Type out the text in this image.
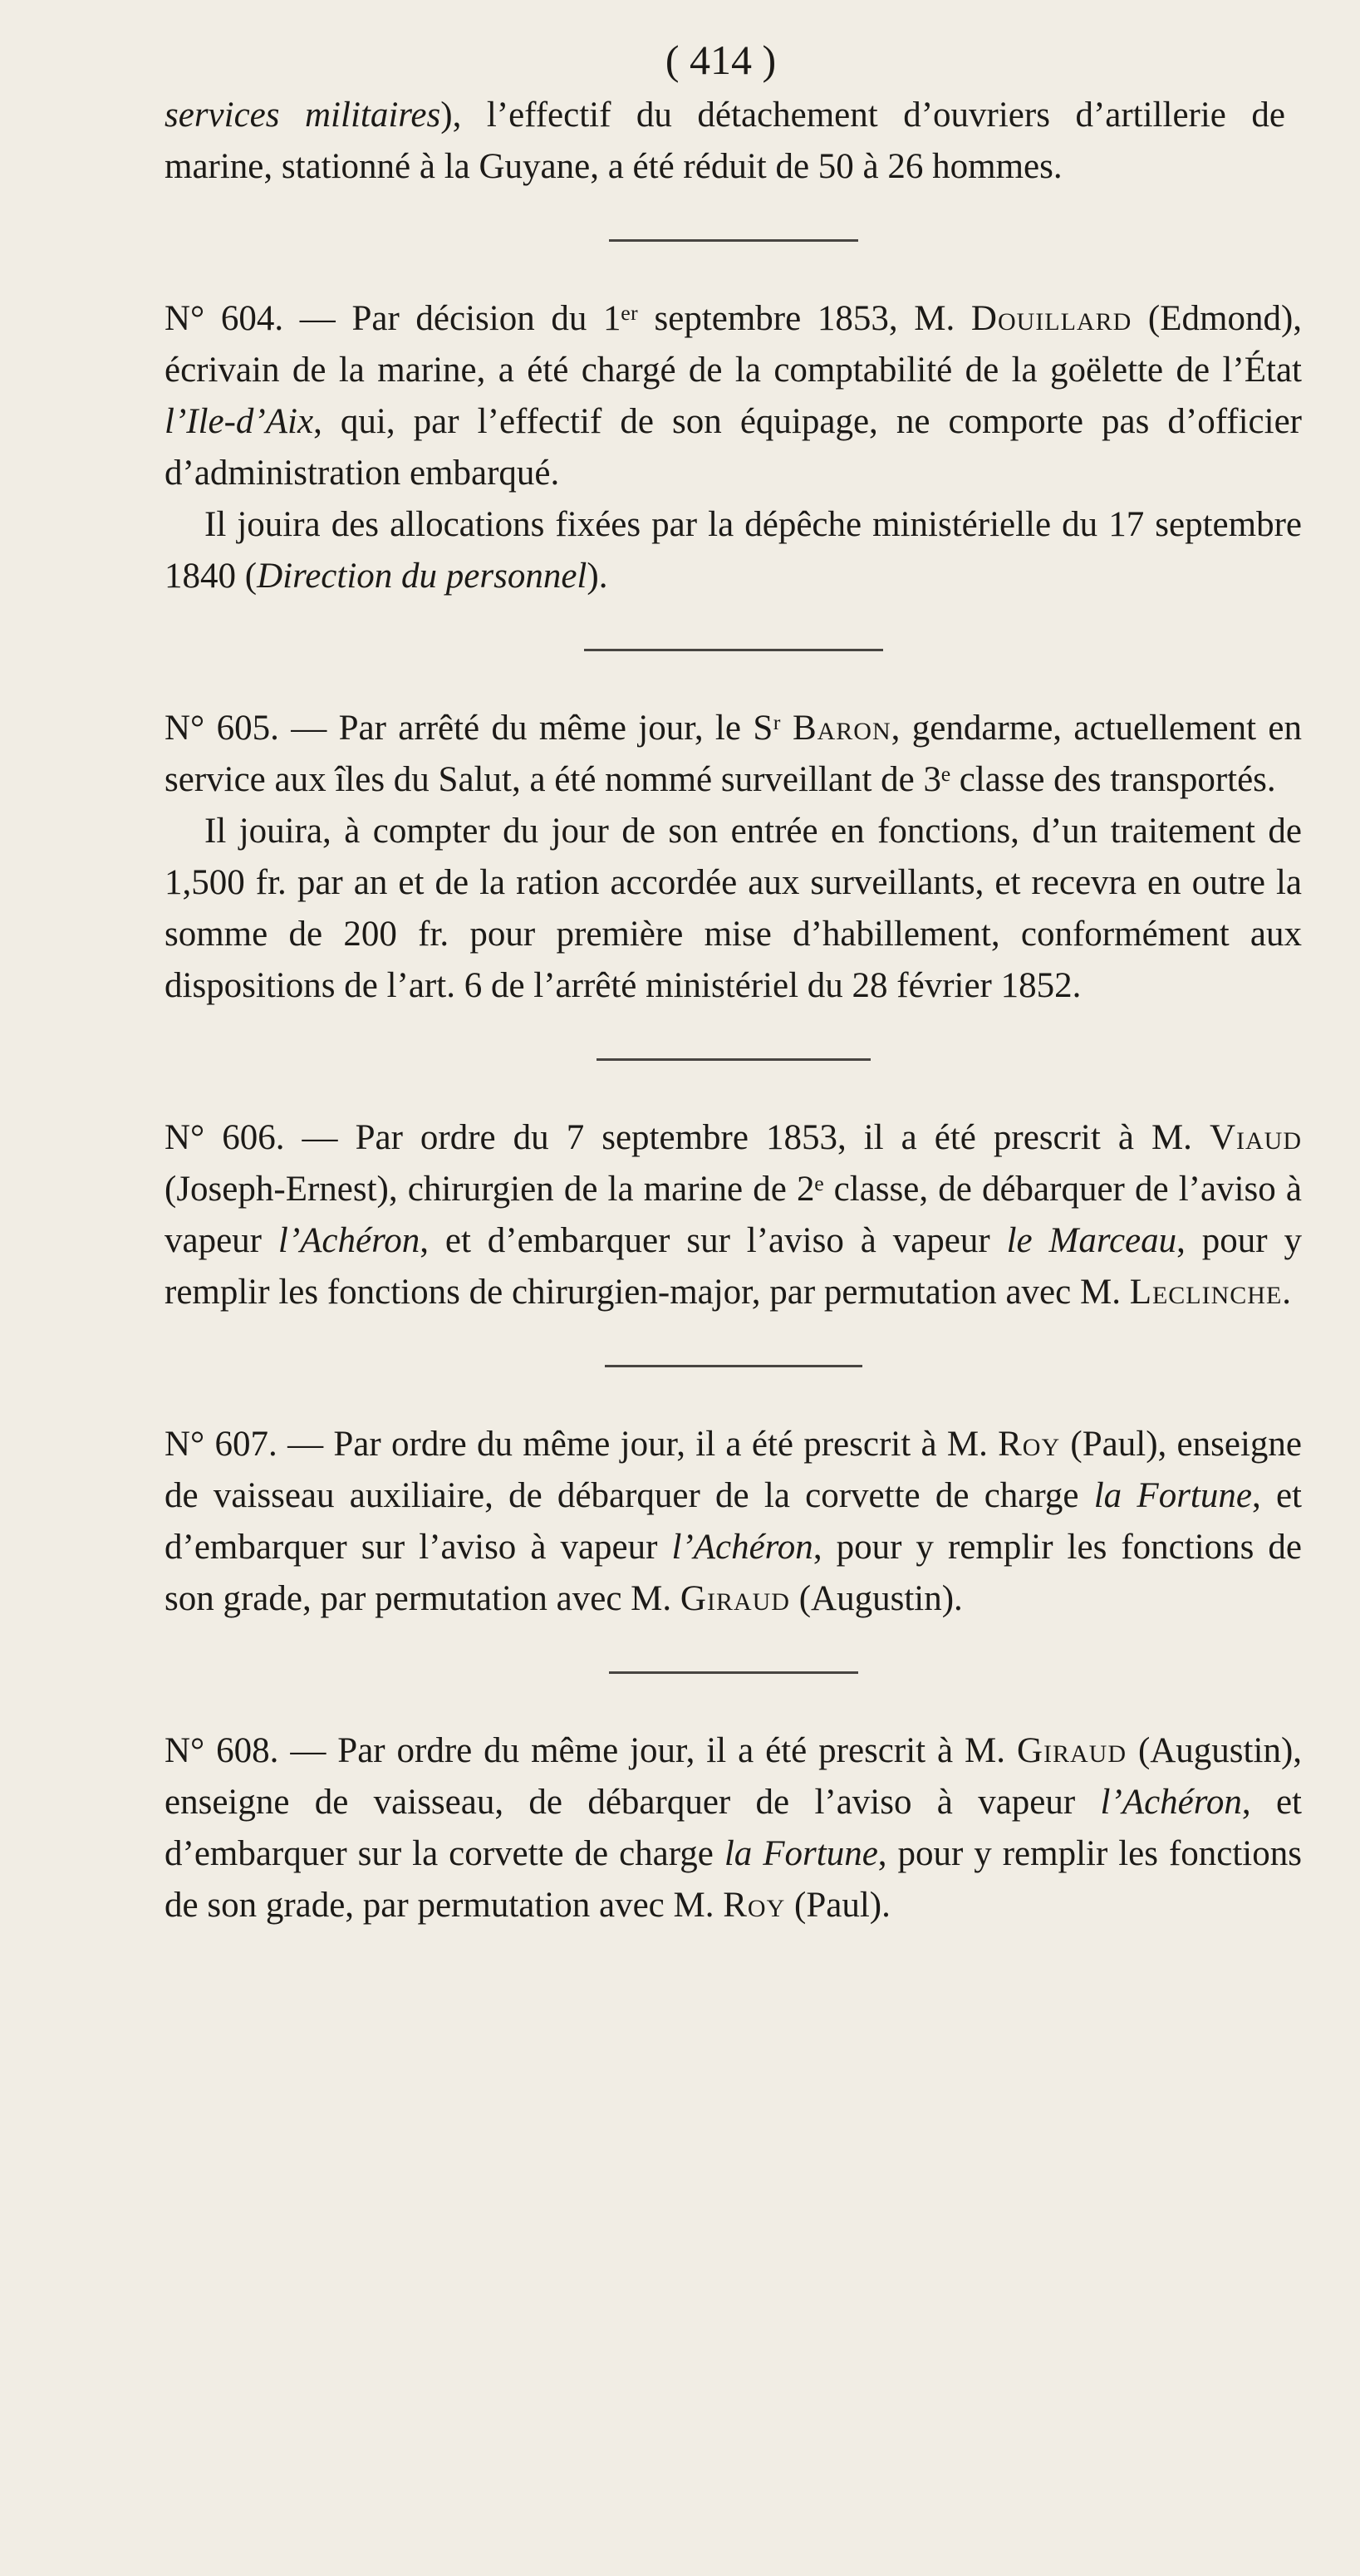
( 414 )

services militaires), l’effectif du détachement d’ouvriers d’artillerie de marine, stationné à la Guyane, a été réduit de 50 à 26 hommes.

N° 604. — Par décision du 1ᵉʳ septembre 1853, M. Douillard (Edmond), écrivain de la marine, a été chargé de la comptabilité de la goëlette de l’État l’Ile-d’Aix, qui, par l’effectif de son équipage, ne comporte pas d’officier d’administration embarqué.

Il jouira des allocations fixées par la dépêche ministérielle du 17 septembre 1840 (Direction du personnel).

N° 605. — Par arrêté du même jour, le Sʳ Baron, gendarme, actuellement en service aux îles du Salut, a été nommé surveillant de 3ᵉ classe des transportés.

Il jouira, à compter du jour de son entrée en fonctions, d’un traitement de 1,500 fr. par an et de la ration accordée aux surveillants, et recevra en outre la somme de 200 fr. pour première mise d’habillement, conformément aux dispositions de l’art. 6 de l’arrêté ministériel du 28 février 1852.

N° 606. — Par ordre du 7 septembre 1853, il a été prescrit à M. Viaud (Joseph-Ernest), chirurgien de la marine de 2ᵉ classe, de débarquer de l’aviso à vapeur l’Achéron, et d’embarquer sur l’aviso à vapeur le Marceau, pour y remplir les fonctions de chirurgien-major, par permutation avec M. Leclinche.

N° 607. — Par ordre du même jour, il a été prescrit à M. Roy (Paul), enseigne de vaisseau auxiliaire, de débarquer de la corvette de charge la Fortune, et d’embarquer sur l’aviso à vapeur l’Achéron, pour y remplir les fonctions de son grade, par permutation avec M. Giraud (Augustin).

N° 608. — Par ordre du même jour, il a été prescrit à M. Giraud (Augustin), enseigne de vaisseau, de débarquer de l’aviso à vapeur l’Achéron, et d’embarquer sur la corvette de charge la Fortune, pour y remplir les fonctions de son grade, par permutation avec M. Roy (Paul).
